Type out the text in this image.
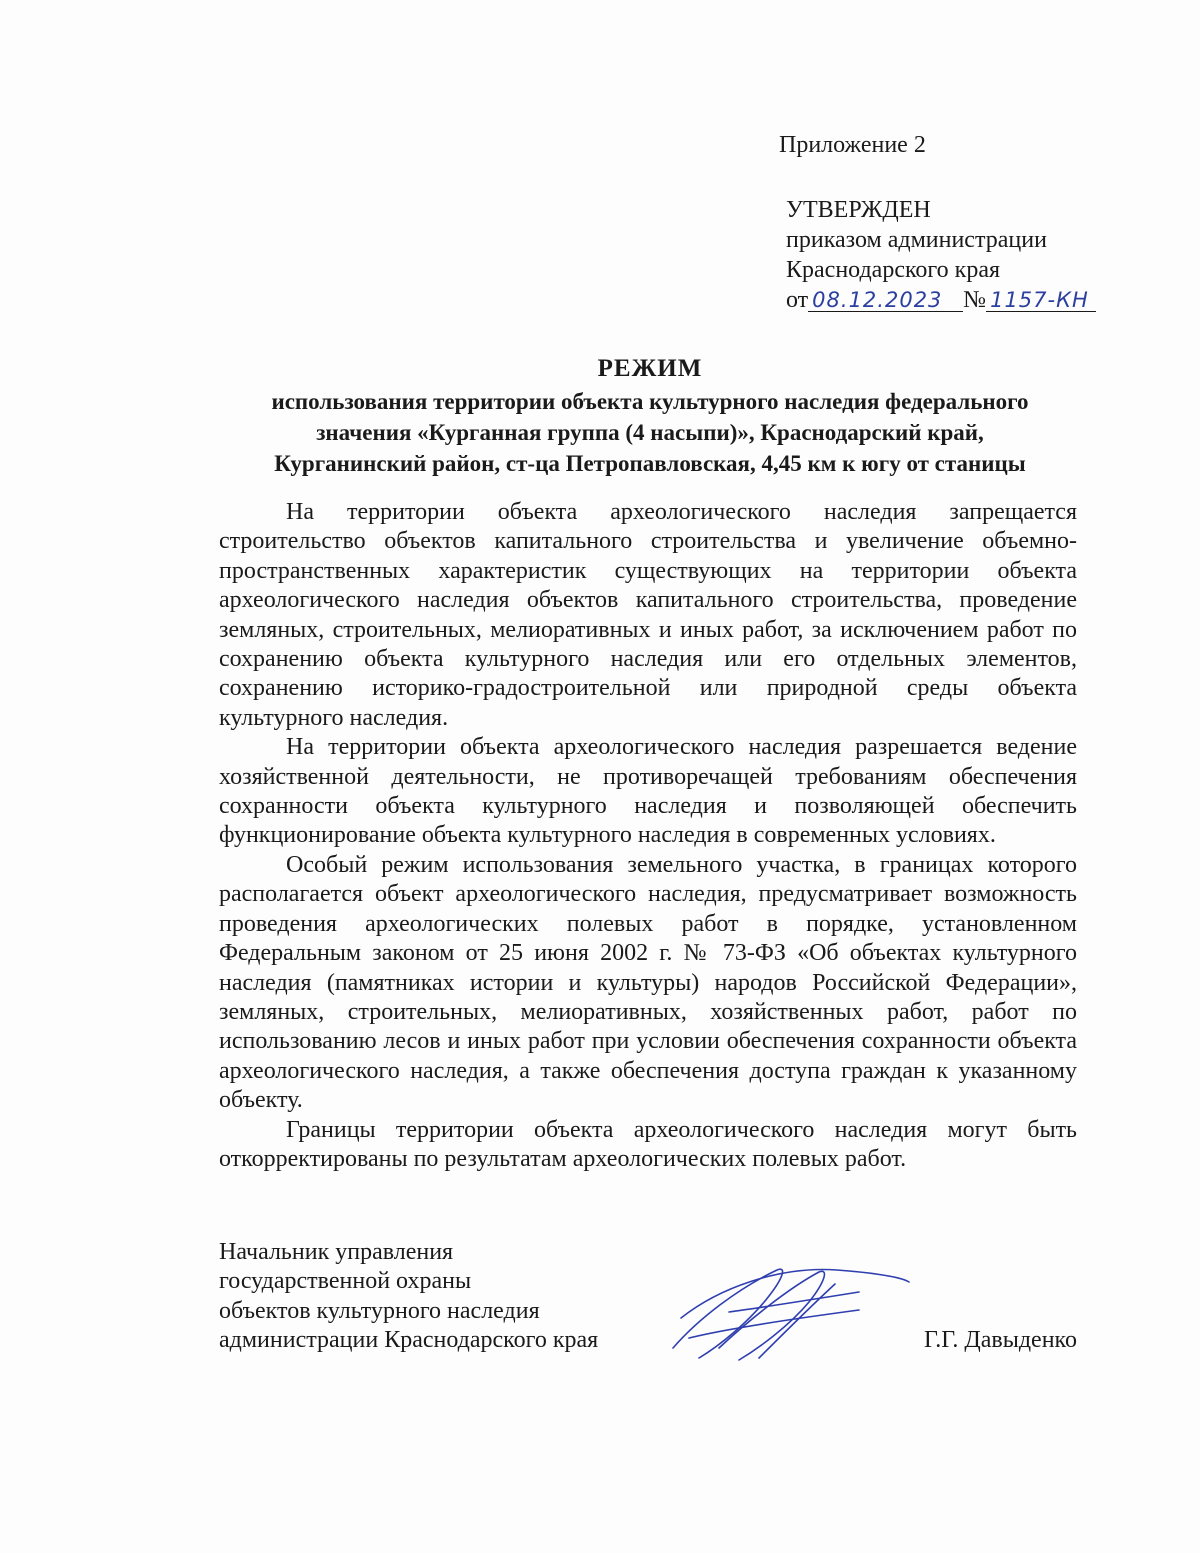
Приложение 2
УТВЕРЖДЕН
приказом администрации
Краснодарского края
от 08.12.2023 № 1157-КН
РЕЖИМ
использования территории объекта культурного наследия федерального
значения «Курганная группа (4 насыпи)», Краснодарский край,
Курганинский район, ст-ца Петропавловская, 4,45 км к югу от станицы

На территории объекта археологического наследия запрещается строительство объектов капитального строительства и увеличение объемно-пространственных характеристик существующих на территории объекта археологического наследия объектов капитального строительства, проведение земляных, строительных, мелиоративных и иных работ, за исключением работ по сохранению объекта культурного наследия или его отдельных элементов, сохранению историко-градостроительной или природной среды объекта культурного наследия.

На территории объекта археологического наследия разрешается ведение хозяйственной деятельности, не противоречащей требованиям обеспечения сохранности объекта культурного наследия и позволяющей обеспечить функционирование объекта культурного наследия в современных условиях.

Особый режим использования земельного участка, в границах которого располагается объект археологического наследия, предусматривает возможность проведения археологических полевых работ в порядке, установленном Федеральным законом от 25 июня 2002 г. № 73-ФЗ «Об объектах культурного наследия (памятниках истории и культуры) народов Российской Федерации», земляных, строительных, мелиоративных, хозяйственных работ, работ по использованию лесов и иных работ при условии обеспечения сохранности объекта археологического наследия, а также обеспечения доступа граждан к указанному объекту.

Границы территории объекта археологического наследия могут быть откорректированы по результатам археологических полевых работ.

Начальник управления
государственной охраны
объектов культурного наследия
администрации Краснодарского края	Г.Г. Давыденко
